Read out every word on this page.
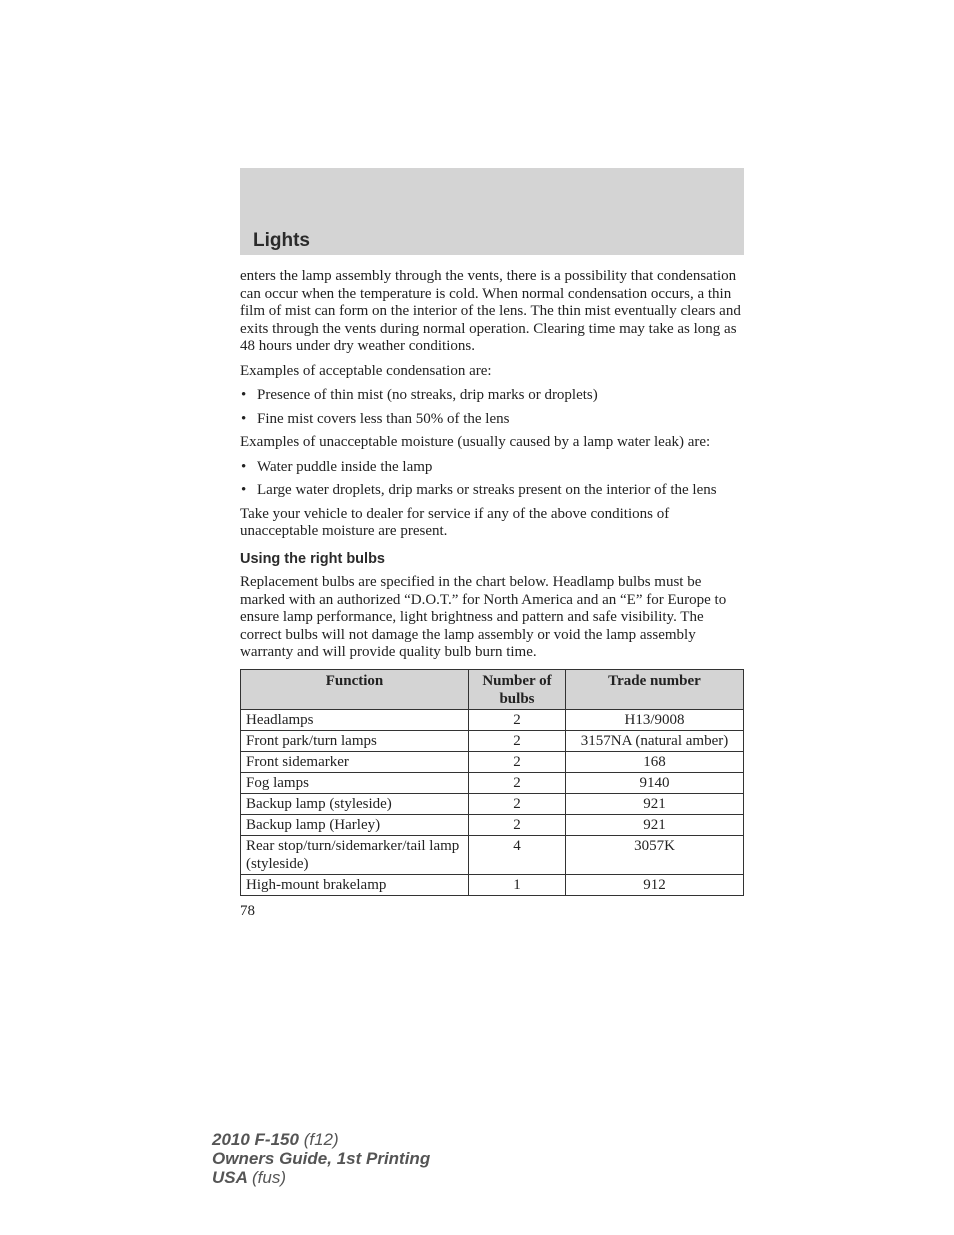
Lights

enters the lamp assembly through the vents, there is a possibility that condensation can occur when the temperature is cold. When normal condensation occurs, a thin film of mist can form on the interior of the lens. The thin mist eventually clears and exits through the vents during normal operation. Clearing time may take as long as 48 hours under dry weather conditions.

Examples of acceptable condensation are:

• Presence of thin mist (no streaks, drip marks or droplets)
• Fine mist covers less than 50% of the lens

Examples of unacceptable moisture (usually caused by a lamp water leak) are:

• Water puddle inside the lamp
• Large water droplets, drip marks or streaks present on the interior of the lens

Take your vehicle to dealer for service if any of the above conditions of unacceptable moisture are present.

Using the right bulbs

Replacement bulbs are specified in the chart below. Headlamp bulbs must be marked with an authorized “D.O.T.” for North America and an “E” for Europe to ensure lamp performance, light brightness and pattern and safe visibility. The correct bulbs will not damage the lamp assembly or void the lamp assembly warranty and will provide quality bulb burn time.

Function	Number of bulbs	Trade number
Headlamps	2	H13/9008
Front park/turn lamps	2	3157NA (natural amber)
Front sidemarker	2	168
Fog lamps	2	9140
Backup lamp (styleside)	2	921
Backup lamp (Harley)	2	921
Rear stop/turn/sidemarker/tail lamp (styleside)	4	3057K
High-mount brakelamp	1	912
78
2010 F-150 (f12)
Owners Guide, 1st Printing
USA (fus)
